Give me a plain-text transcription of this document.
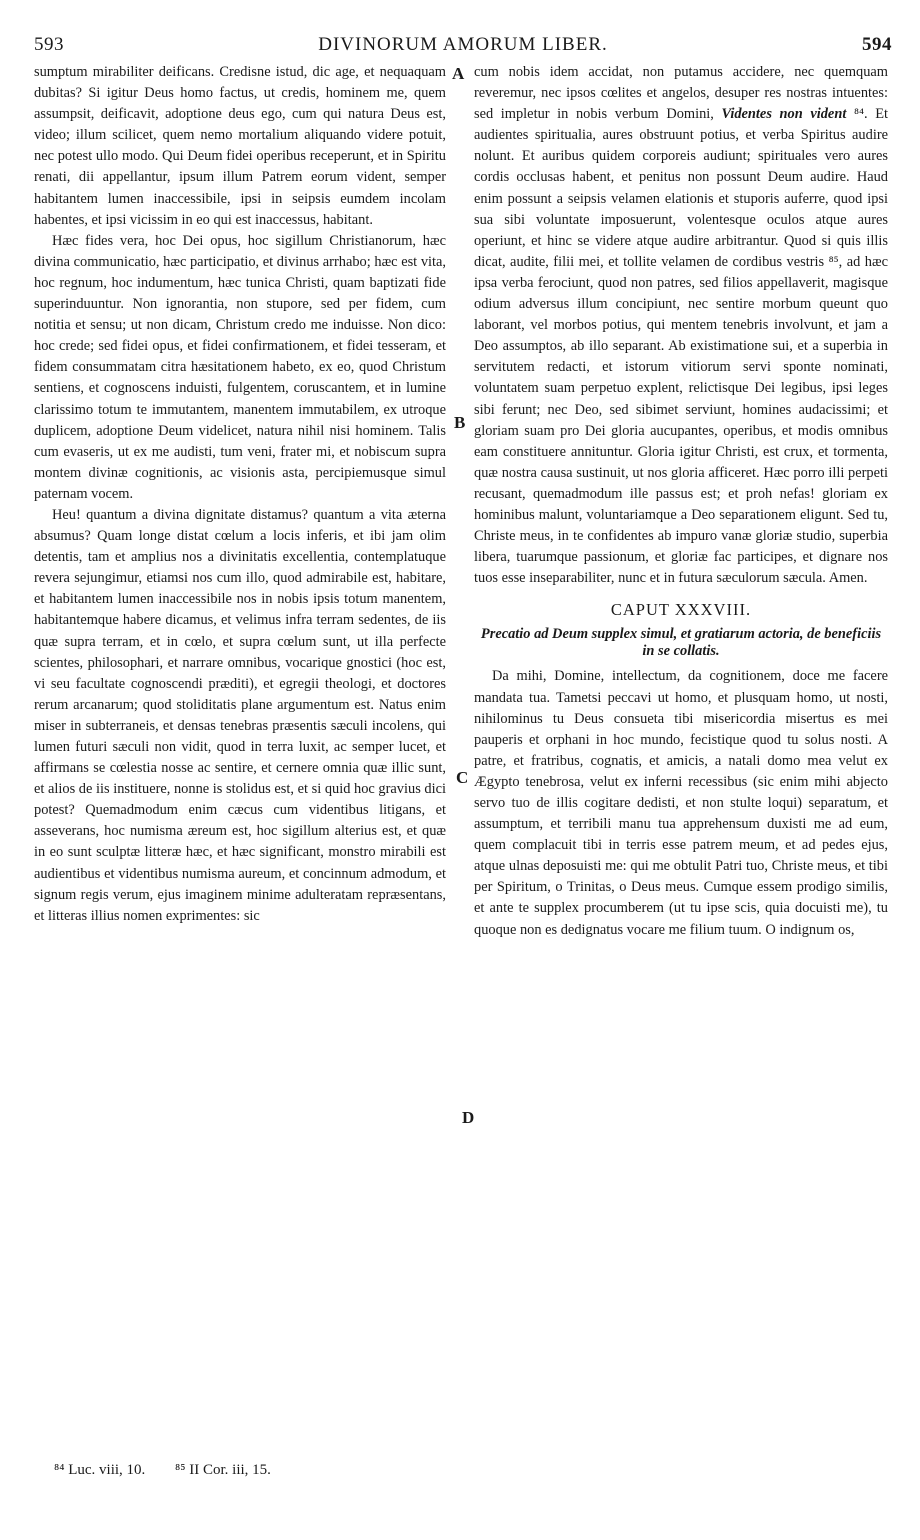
593	DIVINORUM AMORUM LIBER.	594
A
B
C
D

sumptum mirabiliter deificans. Credisne istud, dic age, et nequaquam dubitas? Si igitur Deus homo factus, ut credis, hominem me, quem assumpsit, deificavit, adoptione deus ego, cum qui natura Deus est, video; illum scilicet, quem nemo mortalium aliquando videre potuit, nec potest ullo modo. Qui Deum fidei operibus receperunt, et in Spiritu renati, dii appellantur, ipsum illum Patrem eorum vident, semper habitantem lumen inaccessibile, ipsi in seipsis eumdem incolam habentes, et ipsi vicissim in eo qui est inaccessus, habitant.

Hæc fides vera, hoc Dei opus, hoc sigillum Christianorum, hæc divina communicatio, hæc participatio, et divinus arrhabo; hæc est vita, hoc regnum, hoc indumentum, hæc tunica Christi, quam baptizati fide superinduuntur. Non ignorantia, non stupore, sed per fidem, cum notitia et sensu; ut non dicam, Christum credo me induisse. Non dico: hoc crede; sed fidei opus, et fidei confirmationem, et fidei tesseram, et fidem consummatam citra hæsitationem habeto, ex eo, quod Christum sentiens, et cognoscens induisti, fulgentem, coruscantem, et in lumine clarissimo totum te immutantem, manentem immutabilem, ex utroque duplicem, adoptione Deum videlicet, natura nihil nisi hominem. Talis cum evaseris, ut ex me audisti, tum veni, frater mi, et nobiscum supra montem divinæ cognitionis, ac visionis asta, percipiemusque simul paternam vocem.

Heu! quantum a divina dignitate distamus? quantum a vita æterna absumus? Quam longe distat cœlum a locis inferis, et ibi jam olim detentis, tam et amplius nos a divinitatis excellentia, contemplatuque revera sejungimur, etiamsi nos cum illo, quod admirabile est, habitare, et habitantem lumen inaccessibile nos in nobis ipsis totum manentem, habitantemque habere dicamus, et velimus infra terram sedentes, de iis quæ supra terram, et in cœlo, et supra cœlum sunt, ut illa perfecte scientes, philosophari, et narrare omnibus, vocarique gnostici (hoc est, vi seu facultate cognoscendi præditi), et egregii theologi, et doctores rerum arcanarum; quod stoliditatis plane argumentum est. Natus enim miser in subterraneis, et densas tenebras præsentis sæculi incolens, qui lumen futuri sæculi non vidit, quod in terra luxit, ac semper lucet, et affirmans se cœlestia nosse ac sentire, et cernere omnia quæ illic sunt, et alios de iis instituere, nonne is stolidus est, et si quid hoc gravius dici potest? Quemadmodum enim cæcus cum videntibus litigans, et asseverans, hoc numisma æreum est, hoc sigillum alterius est, et quæ in eo sunt sculptæ litteræ hæc, et hæc significant, monstro mirabili est audientibus et videntibus numisma aureum, et concinnum admodum, et signum regis verum, ejus imaginem minime adulteratam repræsentans, et litteras illius nomen exprimentes: sic

cum nobis idem accidat, non putamus accidere, nec quemquam reveremur, nec ipsos cœlites et angelos, desuper res nostras intuentes: sed impletur in nobis verbum Domini, Videntes non vident ⁸⁴. Et audientes spiritualia, aures obstruunt potius, et verba Spiritus audire nolunt. Et auribus quidem corporeis audiunt; spirituales vero aures cordis occlusas habent, et penitus non possunt Deum audire. Haud enim possunt a seipsis velamen elationis et stuporis auferre, quod ipsi sua sibi voluntate imposuerunt, volentesque oculos atque aures operiunt, et hinc se videre atque audire arbitrantur. Quod si quis illis dicat, audite, filii mei, et tollite velamen de cordibus vestris ⁸⁵, ad hæc ipsa verba ferociunt, quod non patres, sed filios appellaverit, magisque odium adversus illum concipiunt, nec sentire morbum queunt quo laborant, vel morbos potius, qui mentem tenebris involvunt, et jam a Deo assumptos, ab illo separant. Ab existimatione sui, et a superbia in servitutem redacti, et istorum vitiorum servi sponte nominati, voluntatem suam perpetuo explent, relictisque Dei legibus, ipsi leges sibi ferunt; nec Deo, sed sibimet serviunt, homines audacissimi; et gloriam suam pro Dei gloria aucupantes, operibus, et modis omnibus eam constituere annituntur. Gloria igitur Christi, est crux, et tormenta, quæ nostra causa sustinuit, ut nos gloria afficeret. Hæc porro illi perpeti recusant, quemadmodum ille passus est; et proh nefas! gloriam ex hominibus malunt, voluntariamque a Deo separationem eligunt. Sed tu, Christe meus, in te confidentes ab impuro vanæ gloriæ studio, superbia libera, tuarumque passionum, et gloriæ fac participes, et dignare nos tuos esse inseparabiliter, nunc et in futura sæculorum sæcula. Amen.

CAPUT XXXVIII.
Precatio ad Deum supplex simul, et gratiarum actoria, de beneficiis in se collatis.

Da mihi, Domine, intellectum, da cognitionem, doce me facere mandata tua. Tametsi peccavi ut homo, et plusquam homo, ut nosti, nihilominus tu Deus consueta tibi misericordia misertus es mei pauperis et orphani in hoc mundo, fecistique quod tu solus nosti. A patre, et fratribus, cognatis, et amicis, a natali domo mea velut ex Ægypto tenebrosa, velut ex inferni recessibus (sic enim mihi abjecto servo tuo de illis cogitare dedisti, et non stulte loqui) separatum, et assumptum, et terribili manu tua apprehensum duxisti me ad eum, quem complacuit tibi in terris esse patrem meum, et ad pedes ejus, atque ulnas deposuisti me: qui me obtulit Patri tuo, Christe meus, et tibi per Spiritum, o Trinitas, o Deus meus. Cumque essem prodigo similis, et ante te supplex procumberem (ut tu ipse scis, quia docuisti me), tu quoque non es dedignatus vocare me filium tuum. O indignum os,

⁸⁴ Luc. viii, 10. ⁸⁵ II Cor. iii, 15.
